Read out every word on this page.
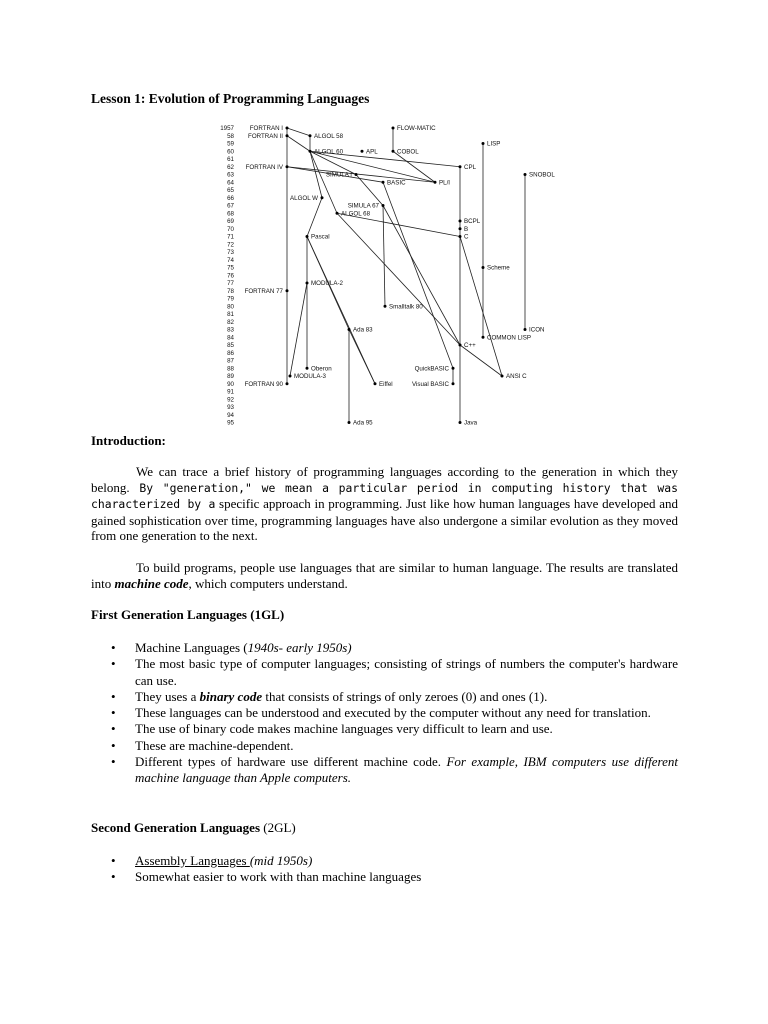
Lesson 1: Evolution of Programming Languages
1957
58
59
60
61
62
63
64
65
66
67
68
69
70
71
72
73
74
75
76
77
78
79
80
81
82
83
84
85
86
87
88
89
90
91
92
93
94
95
FORTRAN I
FORTRAN II	ALGOL 58
FLOW-MATIC
LISP
ALGOL 60	APL	COBOL
FORTRAN IV	CPL
SNOBOL
SIMULA I
BASIC	PL/I
ALGOL W
SIMULA 67
ALGOL 68
BCPL
B
C
Pascal
Scheme
MODULA-2
FORTRAN 77
Smalltalk 80
ICON
Ada 83
COMMON LISP
C++
Oberon	QuickBASIC
MODULA-3	ANSI C
Eiffel	Visual BASIC
FORTRAN 90
Ada 95	Java
Introduction:

We can trace a brief history of programming languages according to the generation in which they belong. By "generation," we mean a particular period in computing history that was characterized by a specific approach in programming. Just like how human languages have developed and gained sophistication over time, programming languages have also undergone a similar evolution as they moved from one generation to the next.

To build programs, people use languages that are similar to human language. The results are translated into machine code, which computers understand.

First Generation Languages (1GL)
• Machine Languages (1940s- early 1950s)
• The most basic type of computer languages; consisting of strings of numbers the computer's hardware can use.
• They uses a binary code that consists of strings of only zeroes (0) and ones (1).
• These languages can be understood and executed by the computer without any need for translation.
• The use of binary code makes machine languages very difficult to learn and use.
• These are machine-dependent.
• Different types of hardware use different machine code. For example, IBM computers use different machine language than Apple computers.
Second Generation Languages (2GL)
• Assembly Languages (mid 1950s)
• Somewhat easier to work with than machine languages
